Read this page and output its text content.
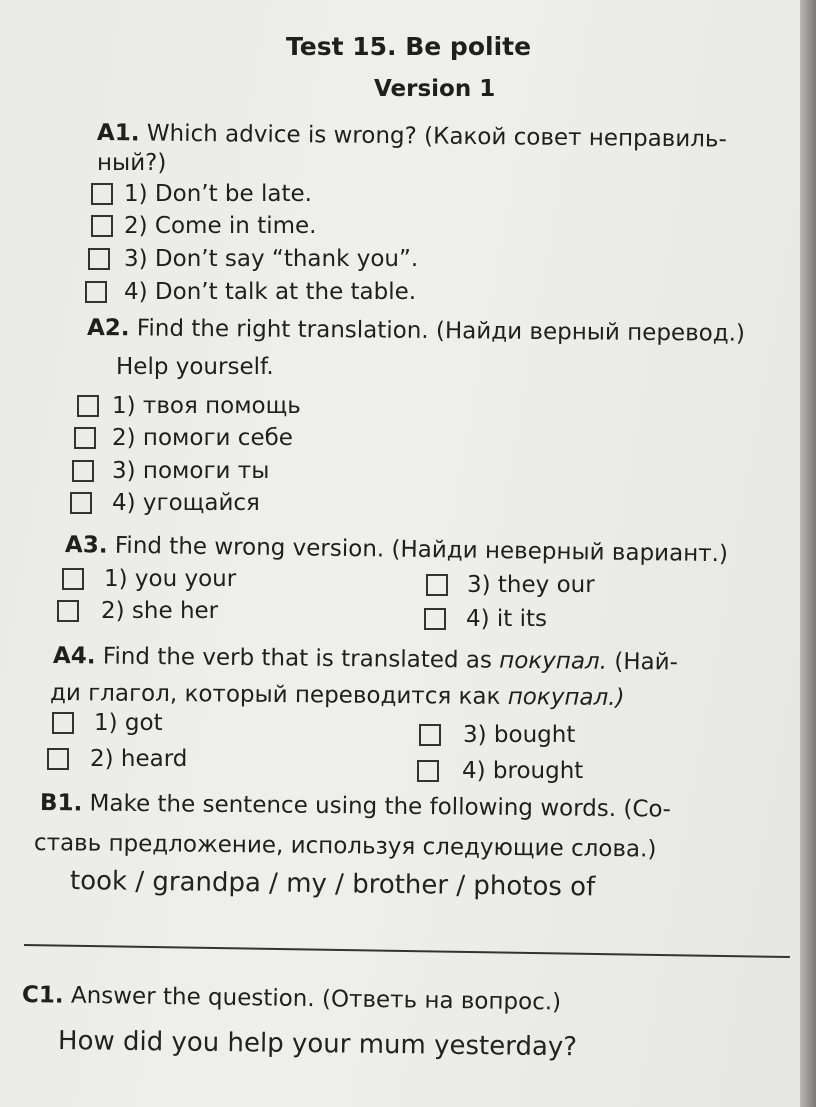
Test 15. Be polite
Version 1
A1. Which advice is wrong? (Какой совет неправиль-
ный?)
1) Don’t be late.
2) Come in time.
3) Don’t say “thank you”.
4) Don’t talk at the table.
A2. Find the right translation. (Найди верный перевод.)
Help yourself.
1) твоя помощь
2) помоги себе
3) помоги ты
4) угощайся
A3. Find the wrong version. (Найди неверный вариант.)
1) you your
2) she her
3) they our
4) it its
A4. Find the verb that is translated as покупал. (Най-
ди глагол, который переводится как покупал.)
1) got
2) heard
3) bought
4) brought
B1. Make the sentence using the following words. (Со-
ставь предложение, используя следующие слова.)
took / grandpa / my / brother / photos of
C1. Answer the question. (Ответь на вопрос.)
How did you help your mum yesterday?
